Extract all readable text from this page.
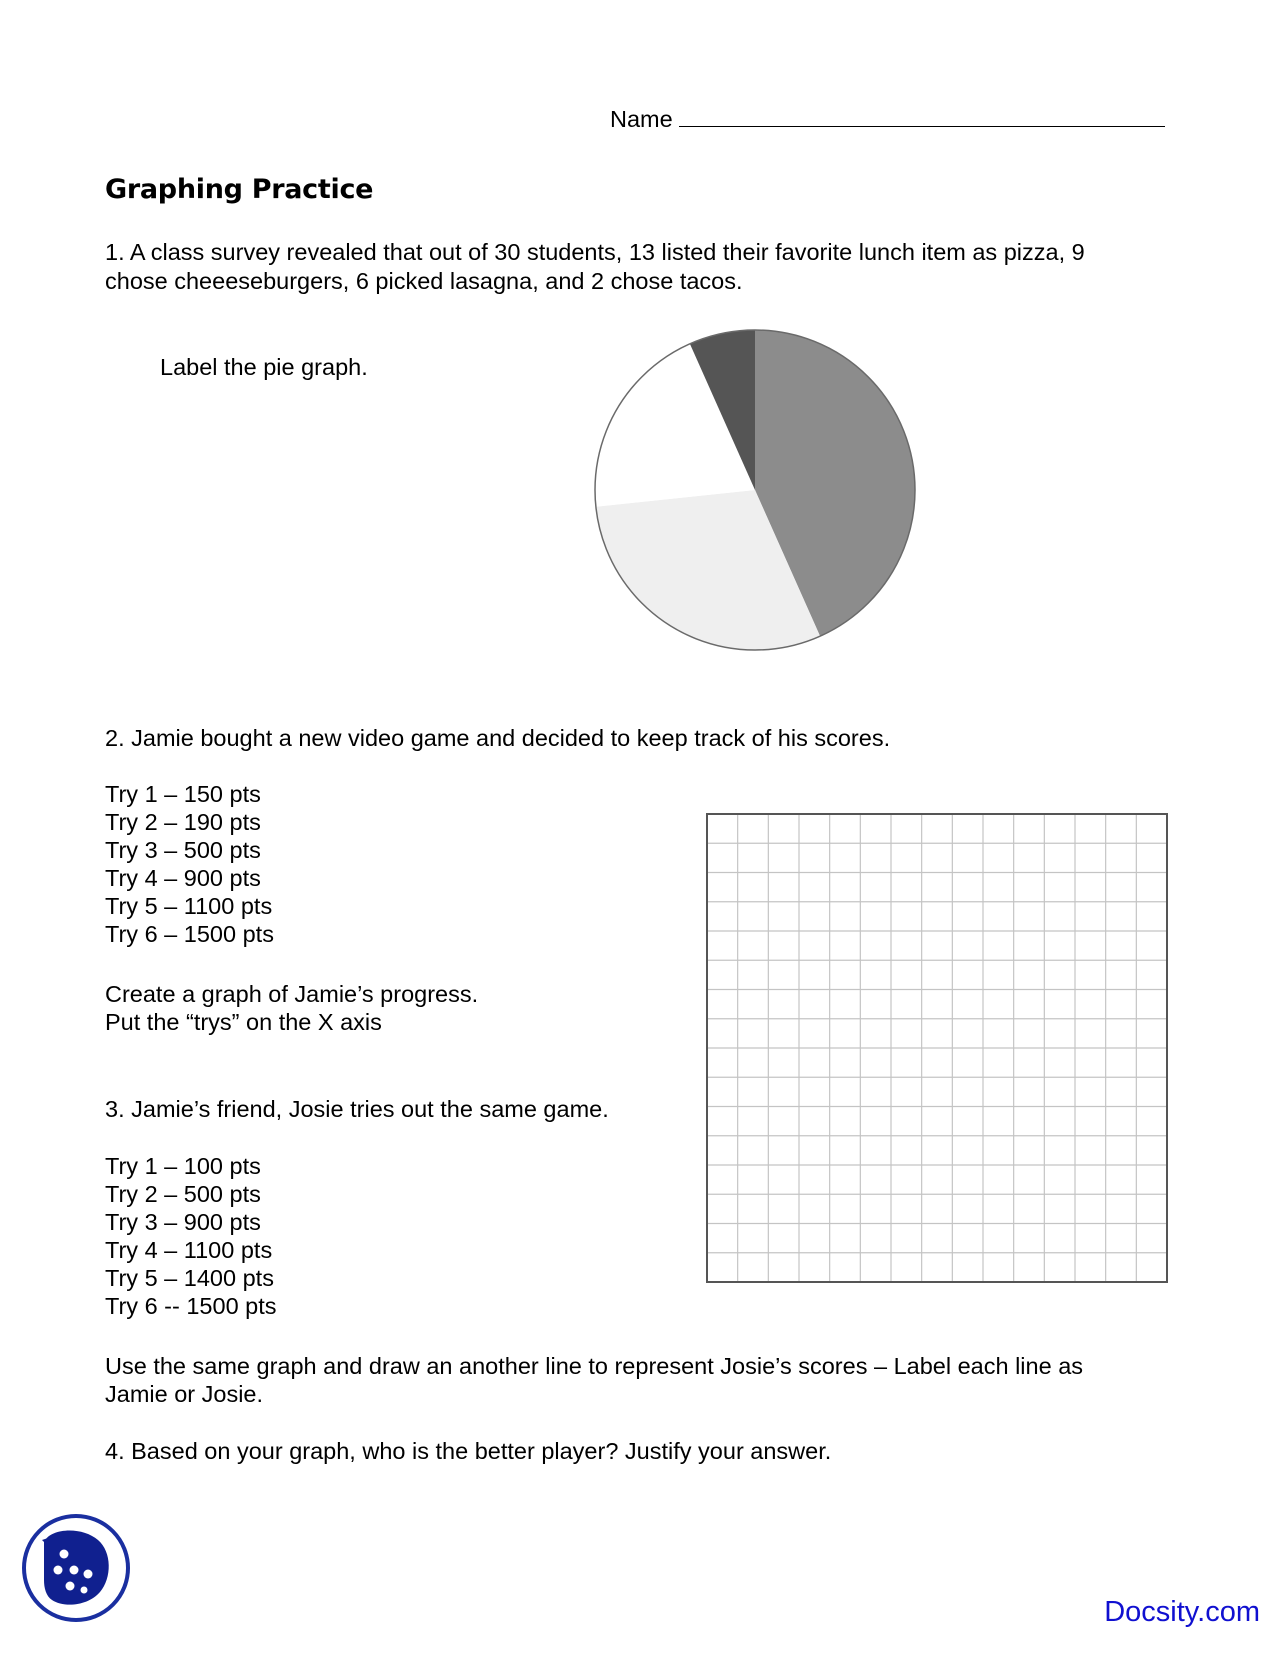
Name
Graphing Practice
1. A class survey revealed that out of 30 students, 13 listed their favorite lunch item as pizza, 9
chose cheeeseburgers, 6 picked lasagna, and 2 chose tacos.
Label the pie graph.
2. Jamie bought a new video game and decided to keep track of his scores.
Try 1 – 150 pts
Try 2 – 190 pts
Try 3 – 500 pts
Try 4 – 900 pts
Try 5 – 1100 pts
Try 6 – 1500 pts
Create a graph of Jamie’s progress.
Put the “trys” on the X axis
3. Jamie’s friend, Josie tries out the same game.
Try 1 – 100 pts
Try 2 – 500 pts
Try 3 – 900 pts
Try 4 – 1100 pts
Try 5 – 1400 pts
Try 6 -- 1500 pts
Use the same graph and draw an another line to represent Josie’s scores – Label each line as
Jamie or Josie.
4. Based on your graph, who is the better player? Justify your answer.
Docsity.com
